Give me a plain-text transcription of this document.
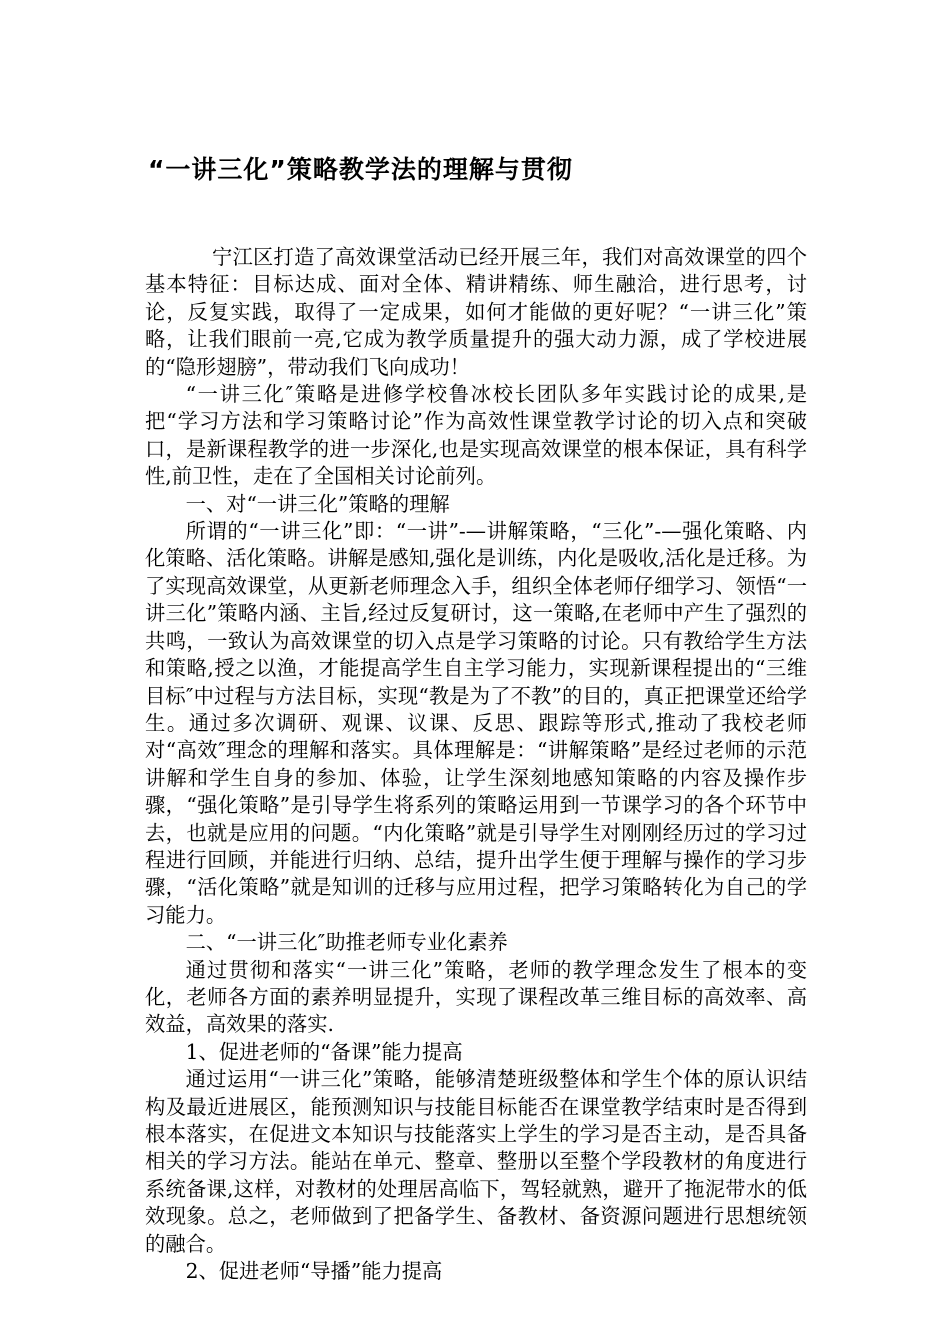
“一讲三化”策略教学法的理解与贯彻

宁江区打造了高效课堂活动已经开展三年，我们对高效课堂的四个基本特征：目标达成、面对全体、精讲精练、师生融洽，进行思考，讨论，反复实践，取得了一定成果，如何才能做的更好呢？“一讲三化”策略，让我们眼前一亮,它成为教学质量提升的强大动力源，成了学校进展的“隐形翅膀”，带动我们飞向成功！

“一讲三化″策略是进修学校鲁冰校长团队多年实践讨论的成果,是把“学习方法和学习策略讨论”作为高效性课堂教学讨论的切入点和突破口，是新课程教学的进一步深化,也是实现高效课堂的根本保证，具有科学性,前卫性，走在了全国相关讨论前列。

一、对“一讲三化”策略的理解

所谓的“一讲三化”即：“一讲”-—讲解策略，“三化”-—强化策略、内化策略、活化策略。讲解是感知,强化是训练，内化是吸收,活化是迁移。为了实现高效课堂，从更新老师理念入手，组织全体老师仔细学习、领悟“一讲三化”策略内涵、主旨,经过反复研讨，这一策略,在老师中产生了强烈的共鸣，一致认为高效课堂的切入点是学习策略的讨论。只有教给学生方法和策略,授之以渔，才能提高学生自主学习能力，实现新课程提出的“三维目标″中过程与方法目标，实现“教是为了不教”的目的，真正把课堂还给学生。通过多次调研、观课、议课、反思、跟踪等形式,推动了我校老师对“高效″理念的理解和落实。具体理解是：“讲解策略”是经过老师的示范讲解和学生自身的参加、体验，让学生深刻地感知策略的内容及操作步骤，“强化策略”是引导学生将系列的策略运用到一节课学习的各个环节中去，也就是应用的问题。“内化策略”就是引导学生对刚刚经历过的学习过程进行回顾，并能进行归纳、总结，提升出学生便于理解与操作的学习步骤，“活化策略”就是知训的迁移与应用过程，把学习策略转化为自己的学习能力。

二、“一讲三化″助推老师专业化素养

通过贯彻和落实“一讲三化”策略，老师的教学理念发生了根本的变化，老师各方面的素养明显提升，实现了课程改革三维目标的高效率、高效益，高效果的落实.

1、促进老师的“备课”能力提高

通过运用“一讲三化”策略，能够清楚班级整体和学生个体的原认识结构及最近进展区，能预测知识与技能目标能否在课堂教学结束时是否得到根本落实，在促进文本知识与技能落实上学生的学习是否主动，是否具备相关的学习方法。能站在单元、整章、整册以至整个学段教材的角度进行系统备课,这样，对教材的处理居高临下，驾轻就熟，避开了拖泥带水的低效现象。总之，老师做到了把备学生、备教材、备资源问题进行思想统领的融合。

2、促进老师“导播”能力提高
